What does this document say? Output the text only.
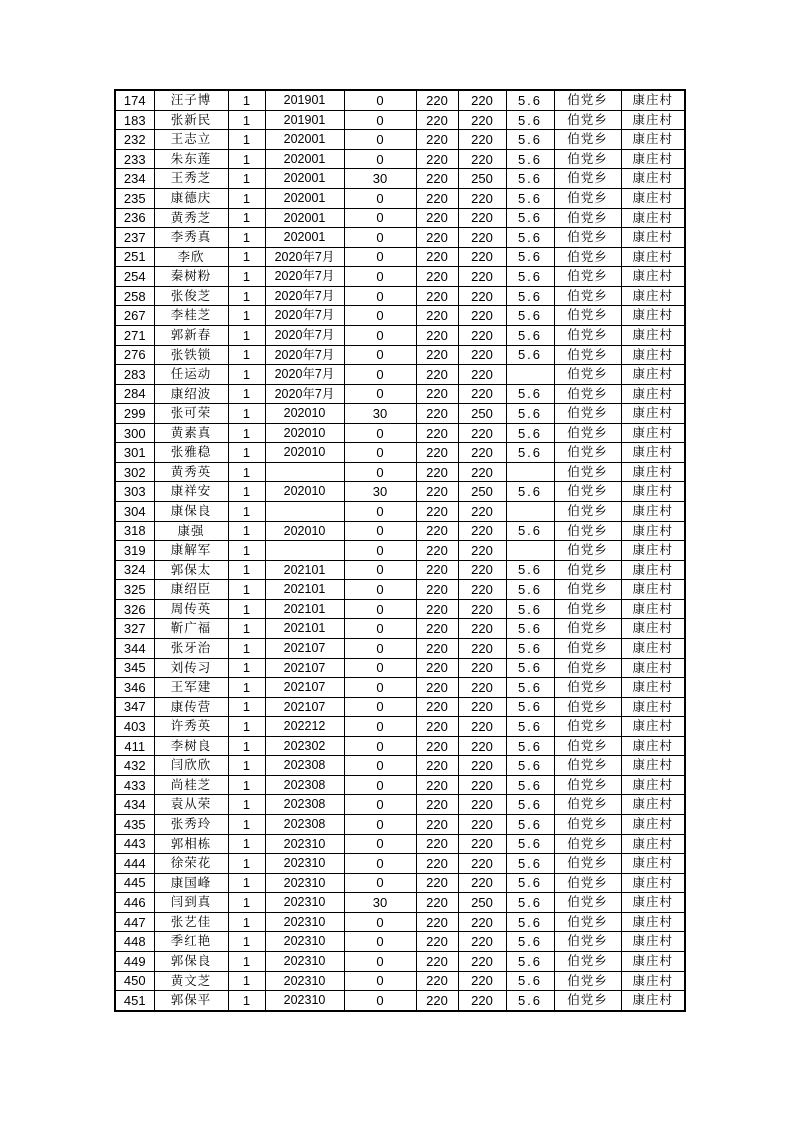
174	汪子博	1	201901	0	220	220	5.6	伯党乡	康庄村
183	张新民	1	201901	0	220	220	5.6	伯党乡	康庄村
232	王志立	1	202001	0	220	220	5.6	伯党乡	康庄村
233	朱东莲	1	202001	0	220	220	5.6	伯党乡	康庄村
234	王秀芝	1	202001	30	220	250	5.6	伯党乡	康庄村
235	康德庆	1	202001	0	220	220	5.6	伯党乡	康庄村
236	黄秀芝	1	202001	0	220	220	5.6	伯党乡	康庄村
237	李秀真	1	202001	0	220	220	5.6	伯党乡	康庄村
251	李欣	1	2020年7月	0	220	220	5.6	伯党乡	康庄村
254	秦树粉	1	2020年7月	0	220	220	5.6	伯党乡	康庄村
258	张俊芝	1	2020年7月	0	220	220	5.6	伯党乡	康庄村
267	李桂芝	1	2020年7月	0	220	220	5.6	伯党乡	康庄村
271	郭新春	1	2020年7月	0	220	220	5.6	伯党乡	康庄村
276	张铁锁	1	2020年7月	0	220	220	5.6	伯党乡	康庄村
283	任运动	1	2020年7月	0	220	220		伯党乡	康庄村
284	康绍波	1	2020年7月	0	220	220	5.6	伯党乡	康庄村
299	张可荣	1	202010	30	220	250	5.6	伯党乡	康庄村
300	黄素真	1	202010	0	220	220	5.6	伯党乡	康庄村
301	张雅稳	1	202010	0	220	220	5.6	伯党乡	康庄村
302	黄秀英	1		0	220	220		伯党乡	康庄村
303	康祥安	1	202010	30	220	250	5.6	伯党乡	康庄村
304	康保良	1		0	220	220		伯党乡	康庄村
318	康强	1	202010	0	220	220	5.6	伯党乡	康庄村
319	康解军	1		0	220	220		伯党乡	康庄村
324	郭保太	1	202101	0	220	220	5.6	伯党乡	康庄村
325	康绍臣	1	202101	0	220	220	5.6	伯党乡	康庄村
326	周传英	1	202101	0	220	220	5.6	伯党乡	康庄村
327	靳广福	1	202101	0	220	220	5.6	伯党乡	康庄村
344	张牙治	1	202107	0	220	220	5.6	伯党乡	康庄村
345	刘传习	1	202107	0	220	220	5.6	伯党乡	康庄村
346	王军建	1	202107	0	220	220	5.6	伯党乡	康庄村
347	康传营	1	202107	0	220	220	5.6	伯党乡	康庄村
403	许秀英	1	202212	0	220	220	5.6	伯党乡	康庄村
411	李树良	1	202302	0	220	220	5.6	伯党乡	康庄村
432	闫欣欣	1	202308	0	220	220	5.6	伯党乡	康庄村
433	尚桂芝	1	202308	0	220	220	5.6	伯党乡	康庄村
434	袁从荣	1	202308	0	220	220	5.6	伯党乡	康庄村
435	张秀玲	1	202308	0	220	220	5.6	伯党乡	康庄村
443	郭相栋	1	202310	0	220	220	5.6	伯党乡	康庄村
444	徐荣花	1	202310	0	220	220	5.6	伯党乡	康庄村
445	康国峰	1	202310	0	220	220	5.6	伯党乡	康庄村
446	闫到真	1	202310	30	220	250	5.6	伯党乡	康庄村
447	张艺佳	1	202310	0	220	220	5.6	伯党乡	康庄村
448	季红艳	1	202310	0	220	220	5.6	伯党乡	康庄村
449	郭保良	1	202310	0	220	220	5.6	伯党乡	康庄村
450	黄文芝	1	202310	0	220	220	5.6	伯党乡	康庄村
451	郭保平	1	202310	0	220	220	5.6	伯党乡	康庄村
